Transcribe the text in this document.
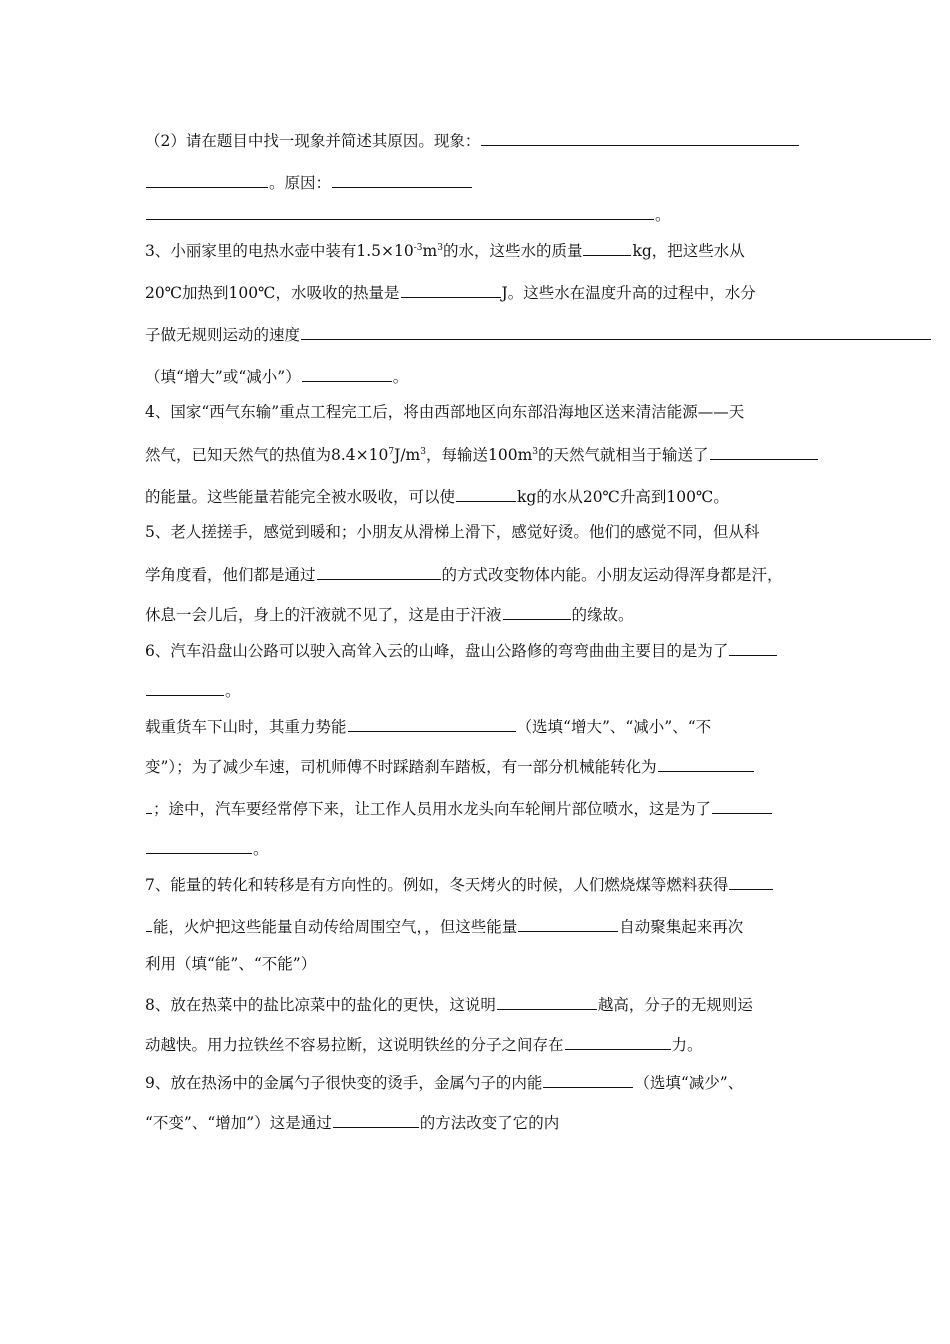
（2）请在题目中找一现象并简述其原因。现象：
。原因：
。
3、小丽家里的电热水壶中装有$1.5\times 10^{-3}m^3$的水，这些水的质量	kg，把这些水从
20℃加热到100℃，水吸收的热量是	J。这些水在温度升高的过程中，水分
子做无规则运动的速度
（填“增大”或“减小”）	。
4、国家“西气东输”重点工程完工后，将由西部地区向东部沿海地区送来清洁能源——天
然气，已知天然气的热值为$8.4\times 10^7J/m^3$，每输送$100m^3$的天然气就相当于输送了
的能量。这些能量若能完全被水吸收，可以使	kg的水从20℃升高到100℃。
5、老人搓搓手，感觉到暖和；小朋友从滑梯上滑下，感觉好烫。他们的感觉不同，但从科
学角度看，他们都是通过	的方式改变物体内能。小朋友运动得浑身都是汗，
休息一会儿后，身上的汗液就不见了，这是由于汗液	的缘故。
6、汽车沿盘山公路可以驶入高耸入云的山峰，盘山公路修的弯弯曲曲主要目的是为了
。
载重货车下山时，其重力势能	（选填“增大”、“减小”、“不
变”）；为了减少车速，司机师傅不时踩踏刹车踏板，有一部分机械能转化为
；途中，汽车要经常停下来，让工作人员用水龙头向车轮闸片部位喷水，这是为了
。
7、能量的转化和转移是有方向性的。例如，冬天烤火的时候，人们燃烧煤等燃料获得
能，火炉把这些能量自动传给周围空气，，但这些能量	自动聚集起来再次
利用（填“能”、“不能”）
8、放在热菜中的盐比凉菜中的盐化的更快，这说明	越高，分子的无规则运
动越快。用力拉铁丝不容易拉断，这说明铁丝的分子之间存在	力。
9、放在热汤中的金属勺子很快变的烫手，金属勺子的内能	（选填“减少”、
“不变”、“增加”）这是通过	的方法改变了它的内
